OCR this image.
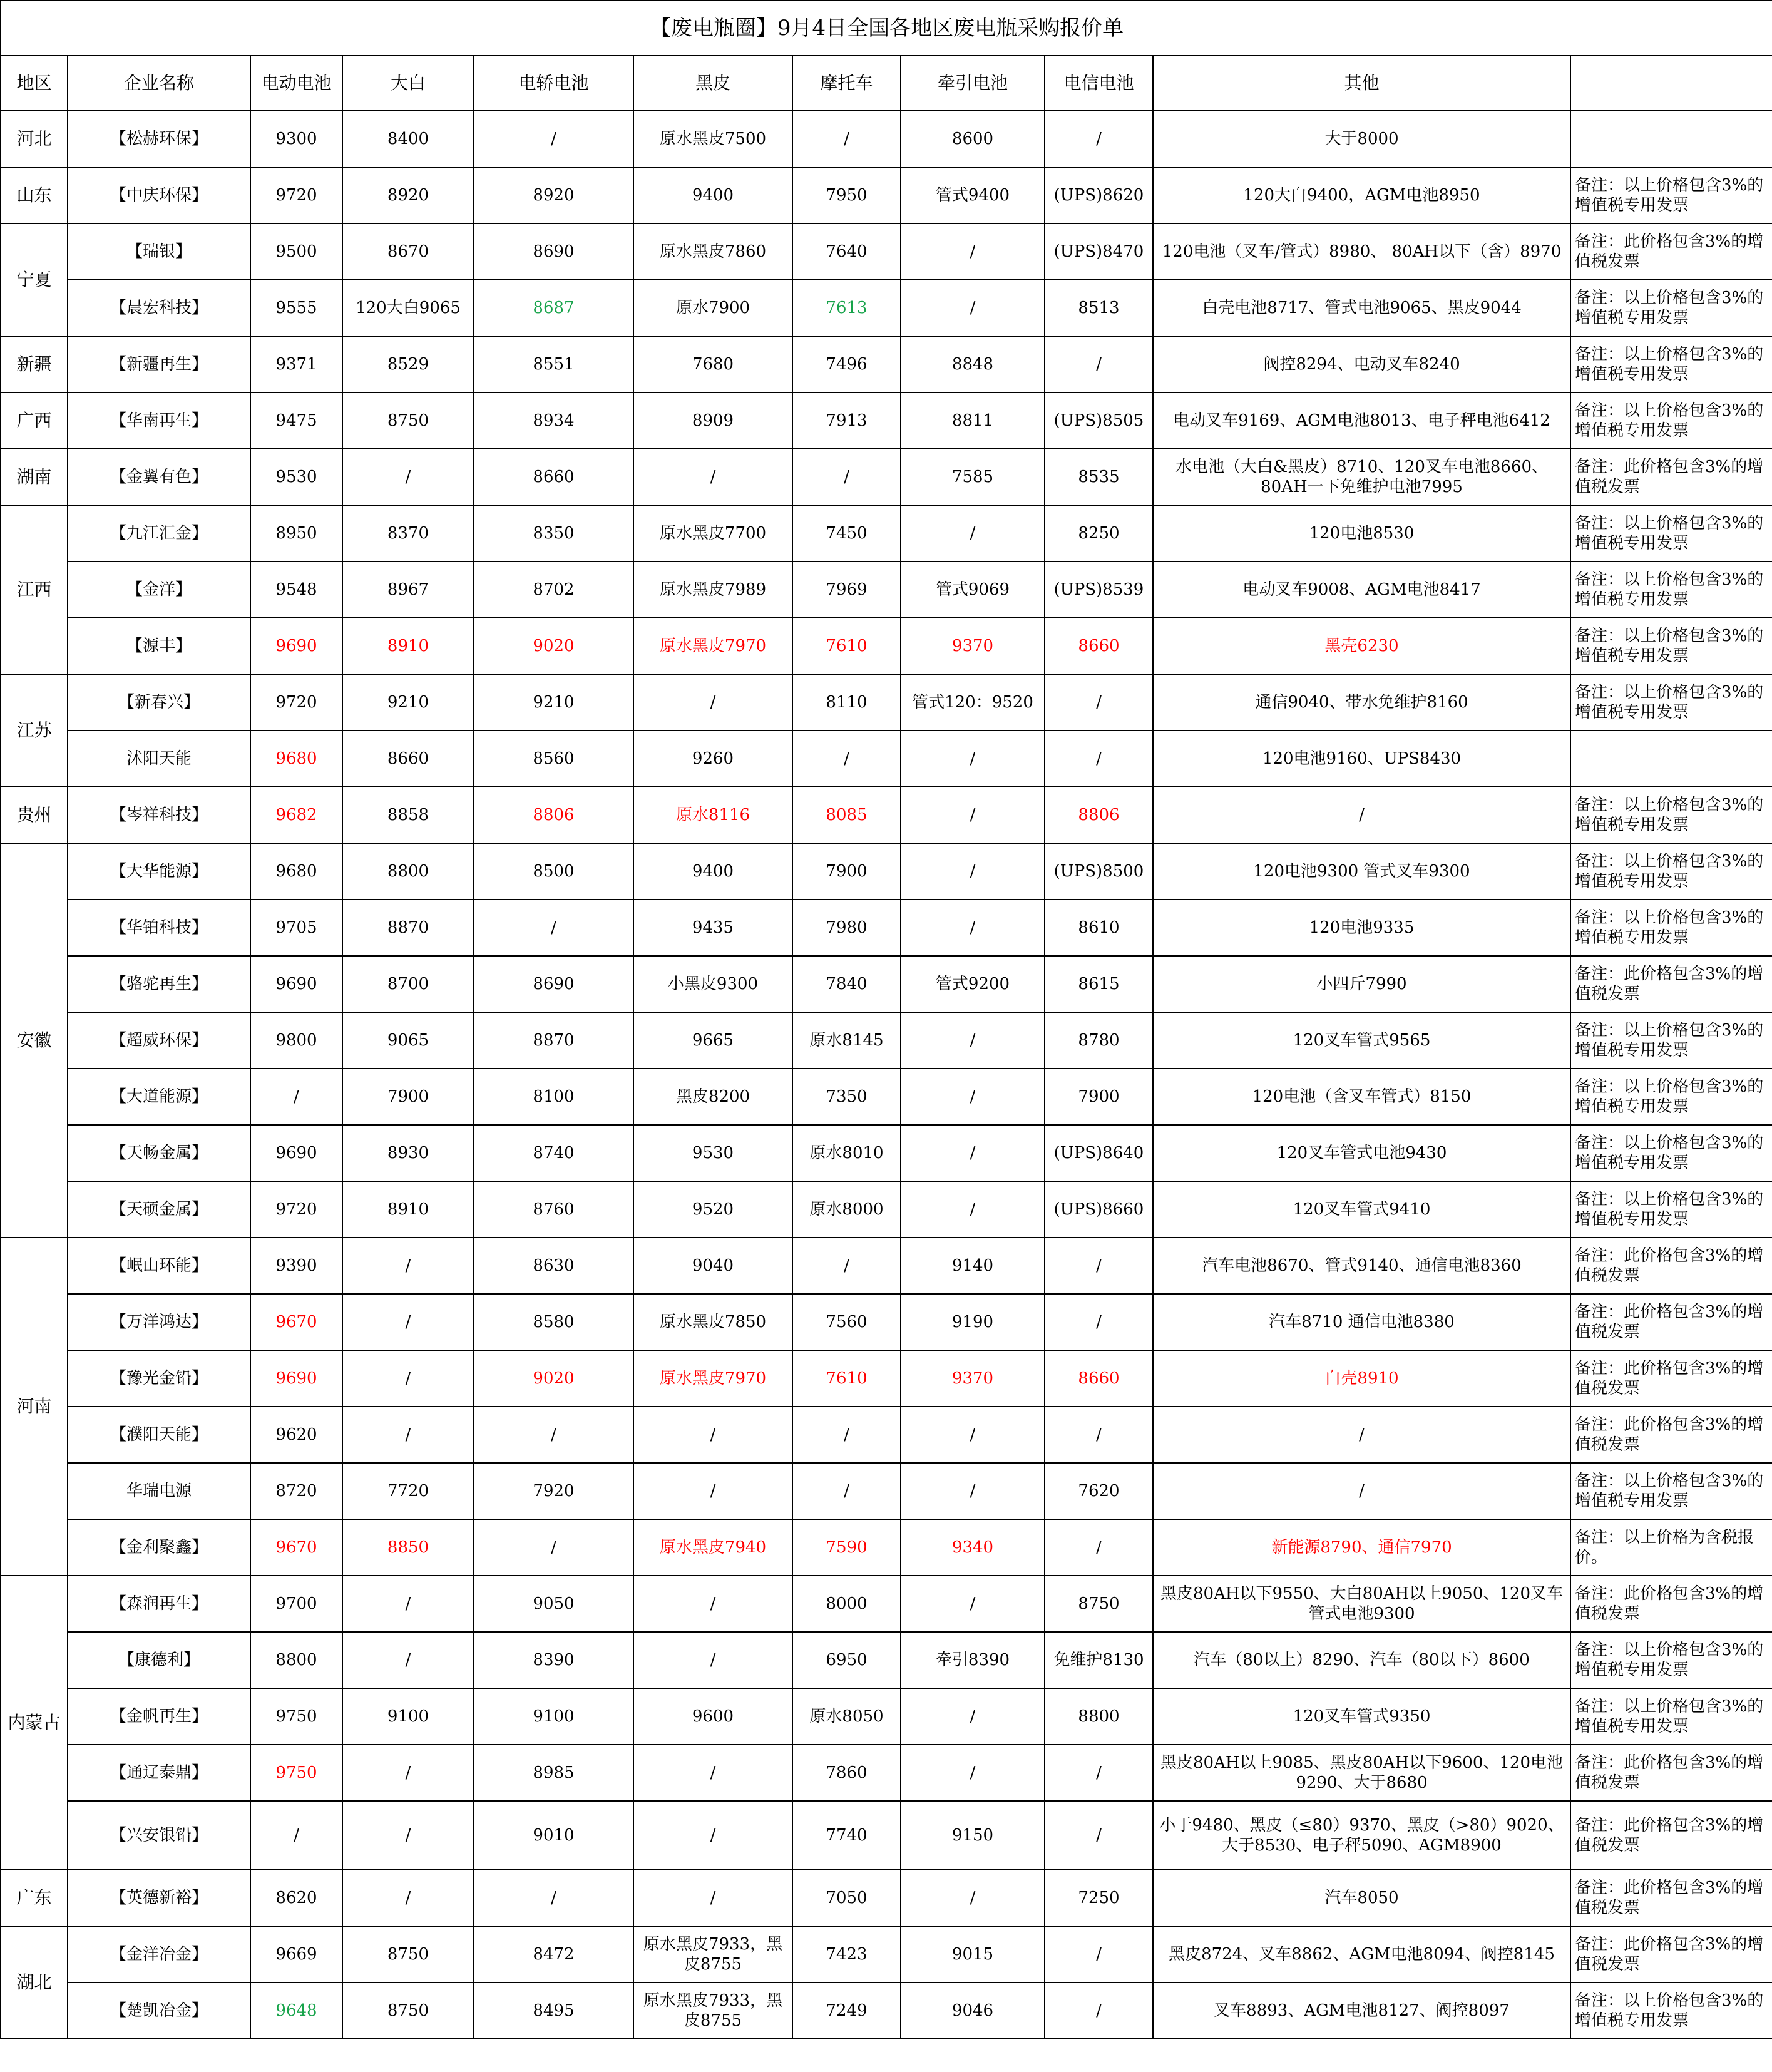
【废电瓶圈】9月4日全国各地区废电瓶采购报价单										
地区	企业名称	电动电池	大白	电轿电池	黑皮	摩托车	牵引电池	电信电池	其他	
河北	【松赫环保】	9300	8400	/	原水黑皮7500	/	8600	/	大于8000	
山东	【中庆环保】	9720	8920	8920	9400	7950	管式9400	(UPS)8620	120大白9400，AGM电池8950	备注：以上价格包含3%的增值税专用发票
宁夏	【瑞银】	9500	8670	8690	原水黑皮7860	7640	/	(UPS)8470	120电池（叉车/管式）8980、 80AH以下（含）8970	备注：此价格包含3%的增值税发票
	【晨宏科技】	9555	120大白9065	8687	原水7900	7613	/	8513	白壳电池8717、管式电池9065、黑皮9044	备注：以上价格包含3%的增值税专用发票
新疆	【新疆再生】	9371	8529	8551	7680	7496	8848	/	阀控8294、电动叉车8240	备注：以上价格包含3%的增值税专用发票
广西	【华南再生】	9475	8750	8934	8909	7913	8811	(UPS)8505	电动叉车9169、AGM电池8013、电子秤电池6412	备注：以上价格包含3%的增值税专用发票
湖南	【金翼有色】	9530	/	8660	/	/	7585	8535	水电池（大白&黑皮）8710、120叉车电池8660、80AH一下免维护电池7995	备注：此价格包含3%的增值税发票
江西	【九江汇金】	8950	8370	8350	原水黑皮7700	7450	/	8250	120电池8530	备注：以上价格包含3%的增值税专用发票
	【金洋】	9548	8967	8702	原水黑皮7989	7969	管式9069	(UPS)8539	电动叉车9008、AGM电池8417	备注：以上价格包含3%的增值税专用发票
	【源丰】	9690	8910	9020	原水黑皮7970	7610	9370	8660	黑壳6230	备注：以上价格包含3%的增值税专用发票
江苏	【新春兴】	9720	9210	9210	/	8110	管式120：9520	/	通信9040、带水免维护8160	备注：以上价格包含3%的增值税专用发票
	沭阳天能	9680	8660	8560	9260	/	/	/	120电池9160、UPS8430	
贵州	【岑祥科技】	9682	8858	8806	原水8116	8085	/	8806	/	备注：以上价格包含3%的增值税专用发票
安徽	【大华能源】	9680	8800	8500	9400	7900	/	(UPS)8500	120电池9300 管式叉车9300	备注：以上价格包含3%的增值税专用发票
	【华铂科技】	9705	8870	/	9435	7980	/	8610	120电池9335	备注：以上价格包含3%的增值税专用发票
	【骆驼再生】	9690	8700	8690	小黑皮9300	7840	管式9200	8615	小四斤7990	备注：此价格包含3%的增值税发票
	【超威环保】	9800	9065	8870	9665	原水8145	/	8780	120叉车管式9565	备注：以上价格包含3%的增值税专用发票
	【大道能源】	/	7900	8100	黑皮8200	7350	/	7900	120电池（含叉车管式）8150	备注：以上价格包含3%的增值税专用发票
	【天畅金属】	9690	8930	8740	9530	原水8010	/	(UPS)8640	120叉车管式电池9430	备注：以上价格包含3%的增值税专用发票
	【天硕金属】	9720	8910	8760	9520	原水8000	/	(UPS)8660	120叉车管式9410	备注：以上价格包含3%的增值税专用发票
河南	【岷山环能】	9390	/	8630	9040	/	9140	/	汽车电池8670、管式9140、通信电池8360	备注：此价格包含3%的增值税发票
	【万洋鸿达】	9670	/	8580	原水黑皮7850	7560	9190	/	汽车8710 通信电池8380	备注：此价格包含3%的增值税发票
	【豫光金铅】	9690	/	9020	原水黑皮7970	7610	9370	8660	白壳8910	备注：此价格包含3%的增值税发票
	【濮阳天能】	9620	/	/	/	/	/	/	/	备注：此价格包含3%的增值税发票
	华瑞电源	8720	7720	7920	/	/	/	7620	/	备注：以上价格包含3%的增值税专用发票
	【金利聚鑫】	9670	8850	/	原水黑皮7940	7590	9340	/	新能源8790、通信7970	备注：以上价格为含税报价。
内蒙古	【森润再生】	9700	/	9050	/	8000	/	8750	黑皮80AH以下9550、大白80AH以上9050、120叉车管式电池9300	备注：此价格包含3%的增值税发票
	【康德利】	8800	/	8390	/	6950	牵引8390	免维护8130	汽车（80以上）8290、汽车（80以下）8600	备注：以上价格包含3%的增值税专用发票
	【金帆再生】	9750	9100	9100	9600	原水8050	/	8800	120叉车管式9350	备注：以上价格包含3%的增值税专用发票
	【通辽泰鼎】	9750	/	8985	/	7860	/	/	黑皮80AH以上9085、黑皮80AH以下9600、120电池9290、大于8680	备注：此价格包含3%的增值税发票
	【兴安银铅】	/	/	9010	/	7740	9150	/	小于9480、黑皮（≤80）9370、黑皮（>80）9020、大于8530、电子秤5090、AGM8900	备注：此价格包含3%的增值税发票
广东	【英德新裕】	8620	/	/	/	7050	/	7250	汽车8050	备注：此价格包含3%的增值税发票
湖北	【金洋冶金】	9669	8750	8472	原水黑皮7933，黑皮8755	7423	9015	/	黑皮8724、叉车8862、AGM电池8094、阀控8145	备注：此价格包含3%的增值税发票
	【楚凯冶金】	9648	8750	8495	原水黑皮7933，黑皮8755	7249	9046	/	叉车8893、AGM电池8127、阀控8097	备注：以上价格包含3%的增值税专用发票
